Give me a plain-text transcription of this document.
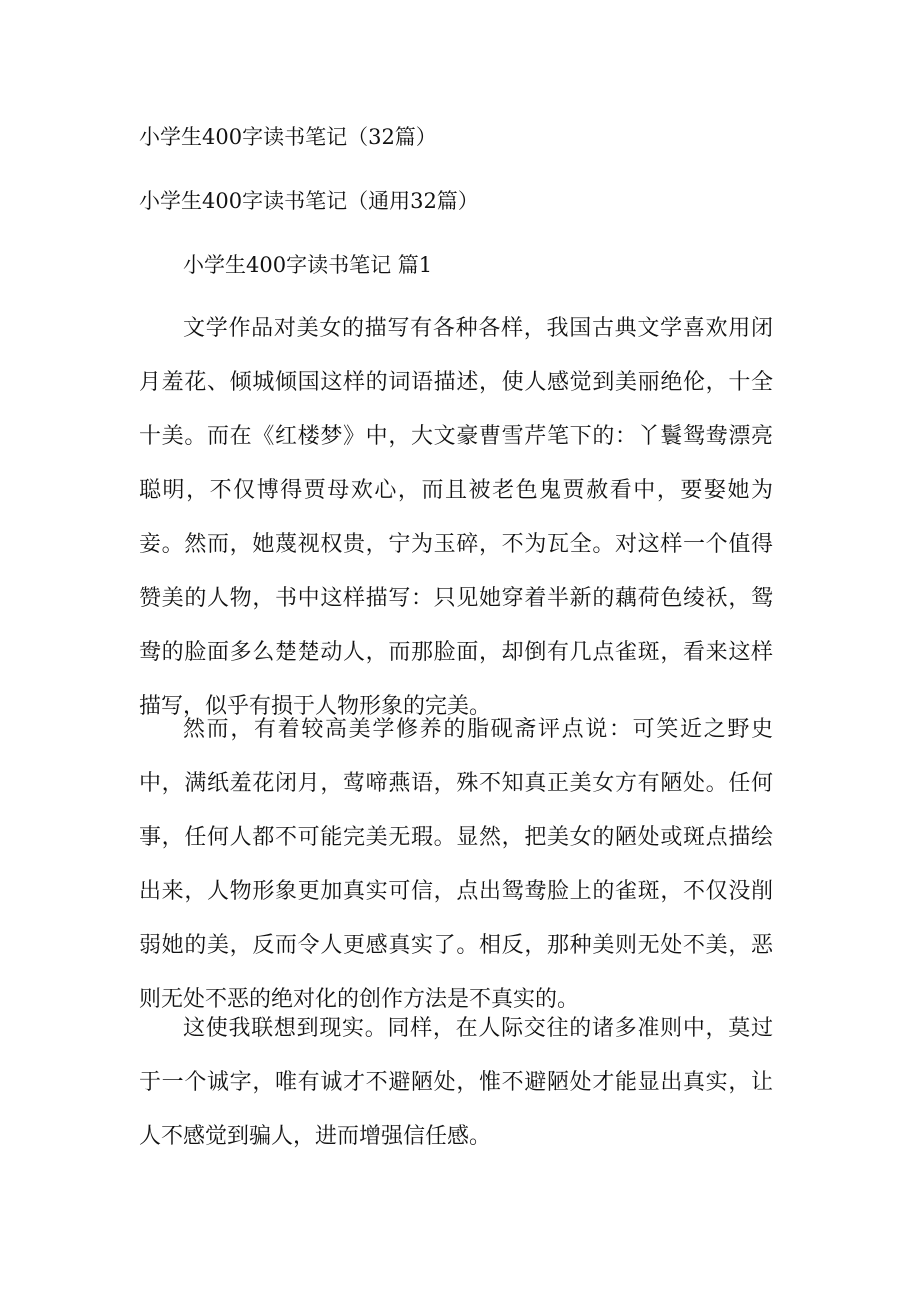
小学生400字读书笔记（32篇）
小学生400字读书笔记（通用32篇）
小学生400字读书笔记 篇1

文学作品对美女的描写有各种各样，我国古典文学喜欢用闭月羞花、倾城倾国这样的词语描述，使人感觉到美丽绝伦，十全十美。而在《红楼梦》中，大文豪曹雪芹笔下的：丫鬟鸳鸯漂亮聪明，不仅博得贾母欢心，而且被老色鬼贾赦看中，要娶她为妾。然而，她蔑视权贵，宁为玉碎，不为瓦全。对这样一个值得赞美的人物，书中这样描写：只见她穿着半新的藕荷色绫袄，鸳鸯的脸面多么楚楚动人，而那脸面，却倒有几点雀斑，看来这样描写，似乎有损于人物形象的完美。

然而，有着较高美学修养的脂砚斋评点说：可笑近之野史中，满纸羞花闭月，莺啼燕语，殊不知真正美女方有陋处。任何事，任何人都不可能完美无瑕。显然，把美女的陋处或斑点描绘出来，人物形象更加真实可信，点出鸳鸯脸上的雀斑，不仅没削弱她的美，反而令人更感真实了。相反，那种美则无处不美，恶则无处不恶的绝对化的创作方法是不真实的。

这使我联想到现实。同样，在人际交往的诸多准则中，莫过于一个诚字，唯有诚才不避陋处，惟不避陋处才能显出真实，让人不感觉到骗人，进而增强信任感。
